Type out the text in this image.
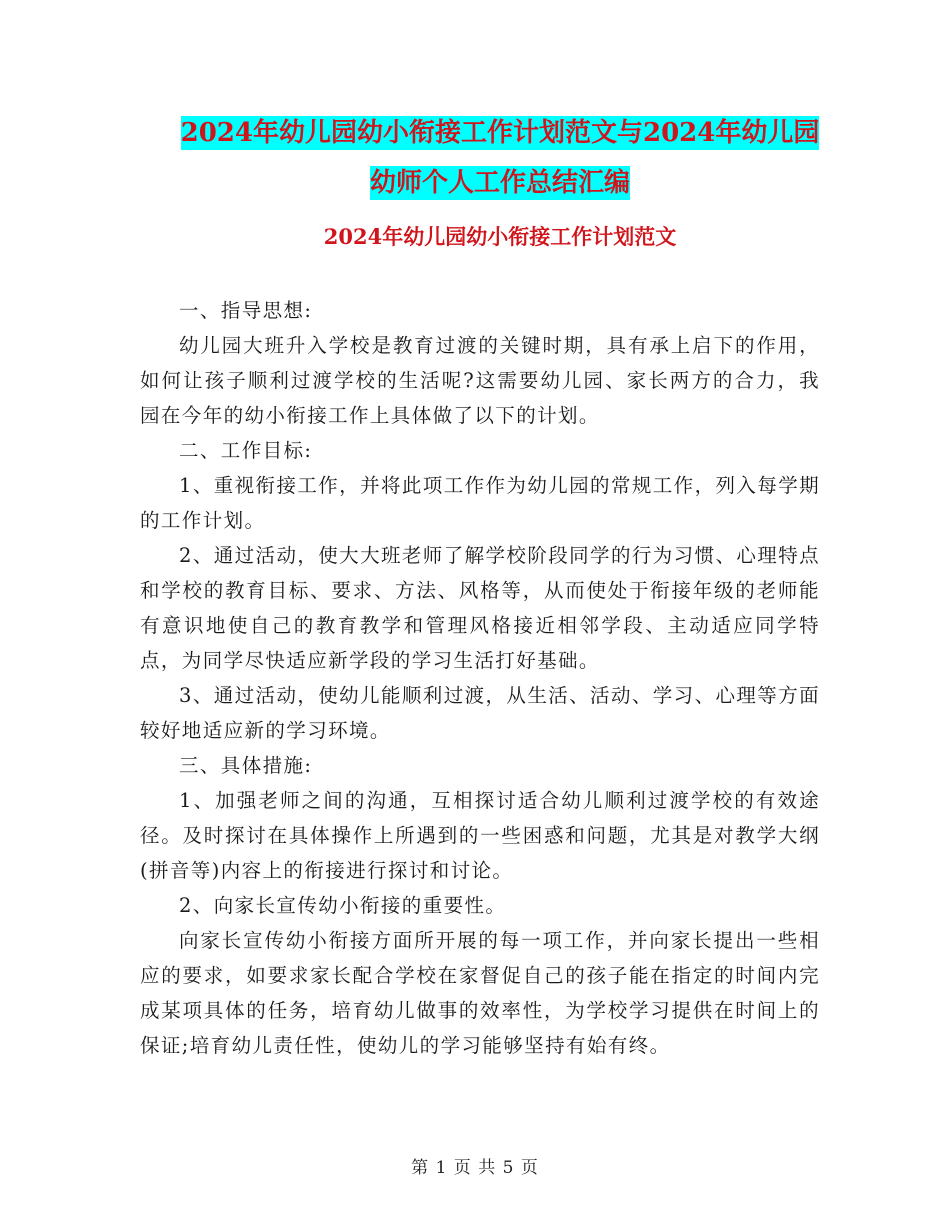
2024年幼儿园幼小衔接工作计划范文与2024年幼儿园
幼师个人工作总结汇编
2024年幼儿园幼小衔接工作计划范文

一、指导思想:

幼儿园大班升入学校是教育过渡的关键时期，具有承上启下的作用，如何让孩子顺利过渡学校的生活呢?这需要幼儿园、家长两方的合力，我园在今年的幼小衔接工作上具体做了以下的计划。

二、工作目标:

1、重视衔接工作，并将此项工作作为幼儿园的常规工作，列入每学期的工作计划。

2、通过活动，使大大班老师了解学校阶段同学的行为习惯、心理特点和学校的教育目标、要求、方法、风格等，从而使处于衔接年级的老师能有意识地使自己的教育教学和管理风格接近相邻学段、主动适应同学特点，为同学尽快适应新学段的学习生活打好基础。

3、通过活动，使幼儿能顺利过渡，从生活、活动、学习、心理等方面较好地适应新的学习环境。

三、具体措施:

1、加强老师之间的沟通，互相探讨适合幼儿顺利过渡学校的有效途径。及时探讨在具体操作上所遇到的一些困惑和问题，尤其是对教学大纲(拼音等)内容上的衔接进行探讨和讨论。

2、向家长宣传幼小衔接的重要性。

向家长宣传幼小衔接方面所开展的每一项工作，并向家长提出一些相应的要求，如要求家长配合学校在家督促自己的孩子能在指定的时间内完成某项具体的任务，培育幼儿做事的效率性，为学校学习提供在时间上的保证;培育幼儿责任性，使幼儿的学习能够坚持有始有终。

第 1 页 共 5 页
